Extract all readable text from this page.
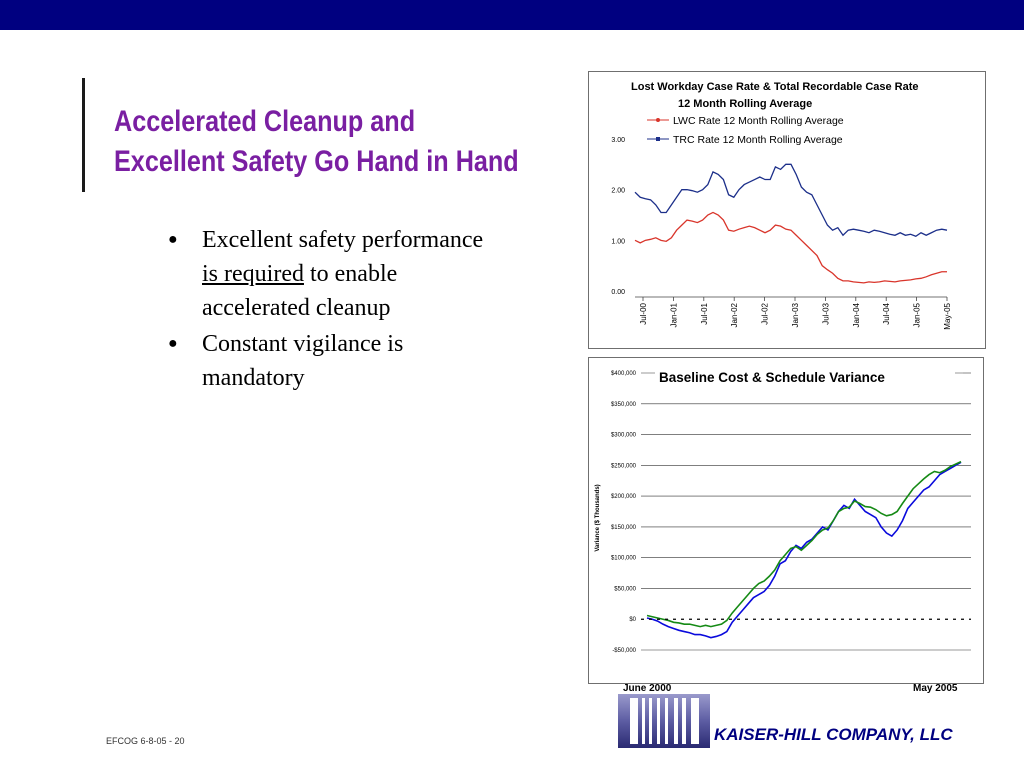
Accelerated Cleanup and
Excellent Safety Go Hand in Hand
● Excellent safety performance is required to enable accelerated cleanup
● Constant vigilance is mandatory
Lost Workday Case Rate & Total Recordable Case Rate
12 Month Rolling Average
LWC Rate 12 Month Rolling Average
TRC Rate 12 Month Rolling Average
3.00
2.00
1.00
0.00
Jul-00	Jan-01	Jul-01	Jan-02	Jul-02	Jan-03	Jul-03	Jan-04	Jul-04	Jan-05	May-05
Baseline Cost & Schedule Variance
Variance ($ Thousands)
$400,000
$350,000
$300,000
$250,000
$200,000
$150,000
$100,000
$50,000
$0
-$50,000
June 2000	May 2005
EFCOG 6-8-05 - 20	KAISER-HILL COMPANY, LLC
